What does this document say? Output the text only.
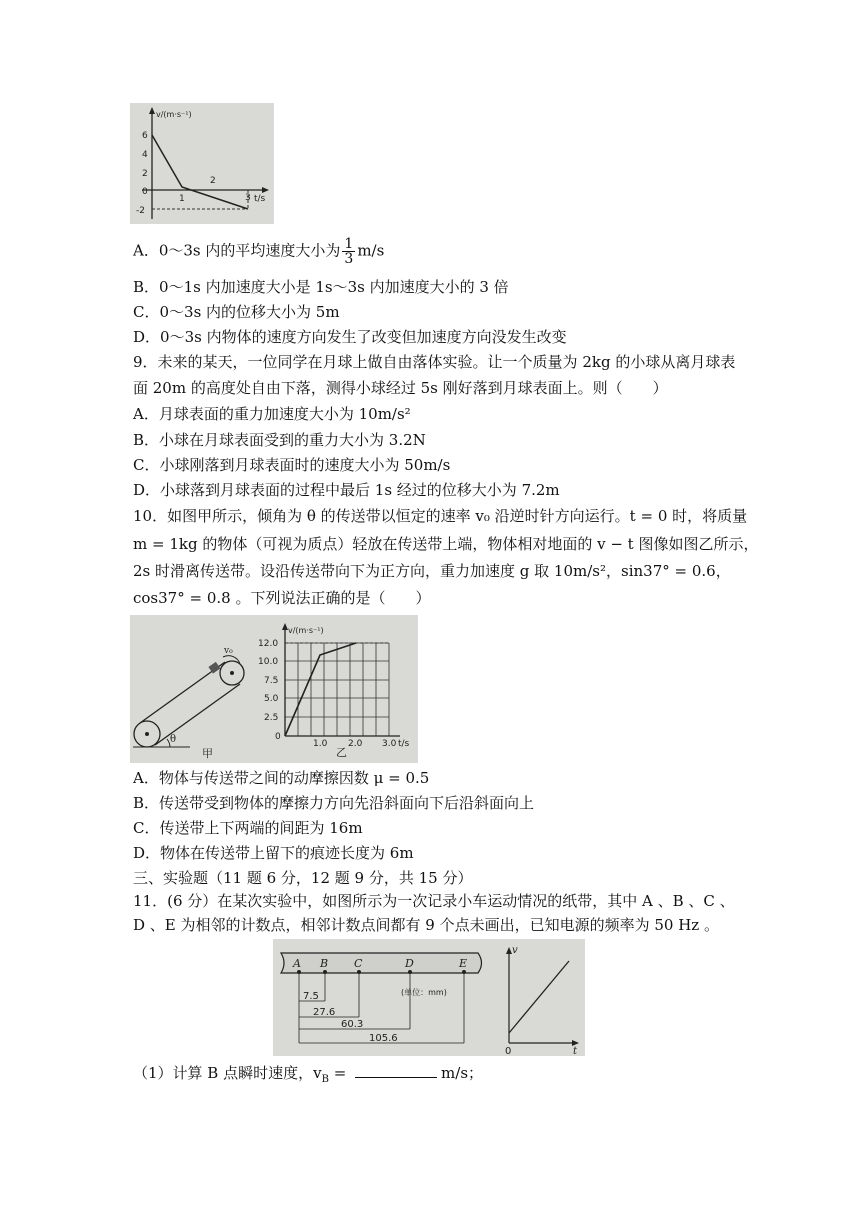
v/(m·s⁻¹)
6
4
2
0
-2
1
2
3 t/s
A．0～3s 内的平均速度大小为 $\frac{1}{3} m/s$
B．0～1s 内加速度大小是 1s～3s 内加速度大小的 3 倍
C．0～3s 内的位移大小为 5m
D．0～3s 内物体的速度方向发生了改变但加速度方向没发生改变
9．未来的某天，一位同学在月球上做自由落体实验。让一个质量为 2kg 的小球从离月球表
面 20m 的高度处自由下落，测得小球经过 5s 刚好落到月球表面上。则（　　）
A．月球表面的重力加速度大小为 10m/s²
B．小球在月球表面受到的重力大小为 3.2N
C．小球刚落到月球表面时的速度大小为 50m/s
D．小球落到月球表面的过程中最后 1s 经过的位移大小为 7.2m
10．如图甲所示，倾角为 θ 的传送带以恒定的速率 v₀ 沿逆时针方向运行。t = 0 时，将质量
m = 1kg 的物体（可视为质点）轻放在传送带上端，物体相对地面的 v − t 图像如图乙所示，
2s 时滑离传送带。设沿传送带向下为正方向，重力加速度 g 取 10m/s²，sin37° = 0.6，
cos37° = 0.8 。下列说法正确的是（　　）
θ
v₀
甲
v/(m·s⁻¹)
12.0
10.0
7.5
5.0
2.5
0
1.0 2.0 3.0 t/s
乙
A．物体与传送带之间的动摩擦因数 μ = 0.5
B．传送带受到物体的摩擦力方向先沿斜面向下后沿斜面向上
C．传送带上下两端的间距为 16m
D．物体在传送带上留下的痕迹长度为 6m
三、实验题（11 题 6 分，12 题 9 分，共 15 分）
11．(6 分）在某次实验中，如图所示为一次记录小车运动情况的纸带，其中 A 、B 、C 、
D 、E 为相邻的计数点，相邻计数点间都有 9 个点未画出，已知电源的频率为 50 Hz 。
A B C	D	E
7.5
27.6
60.3
105.6
(单位：mm)
v
t
0
（1）计算 B 点瞬时速度，$v_B$ =	m/s；
